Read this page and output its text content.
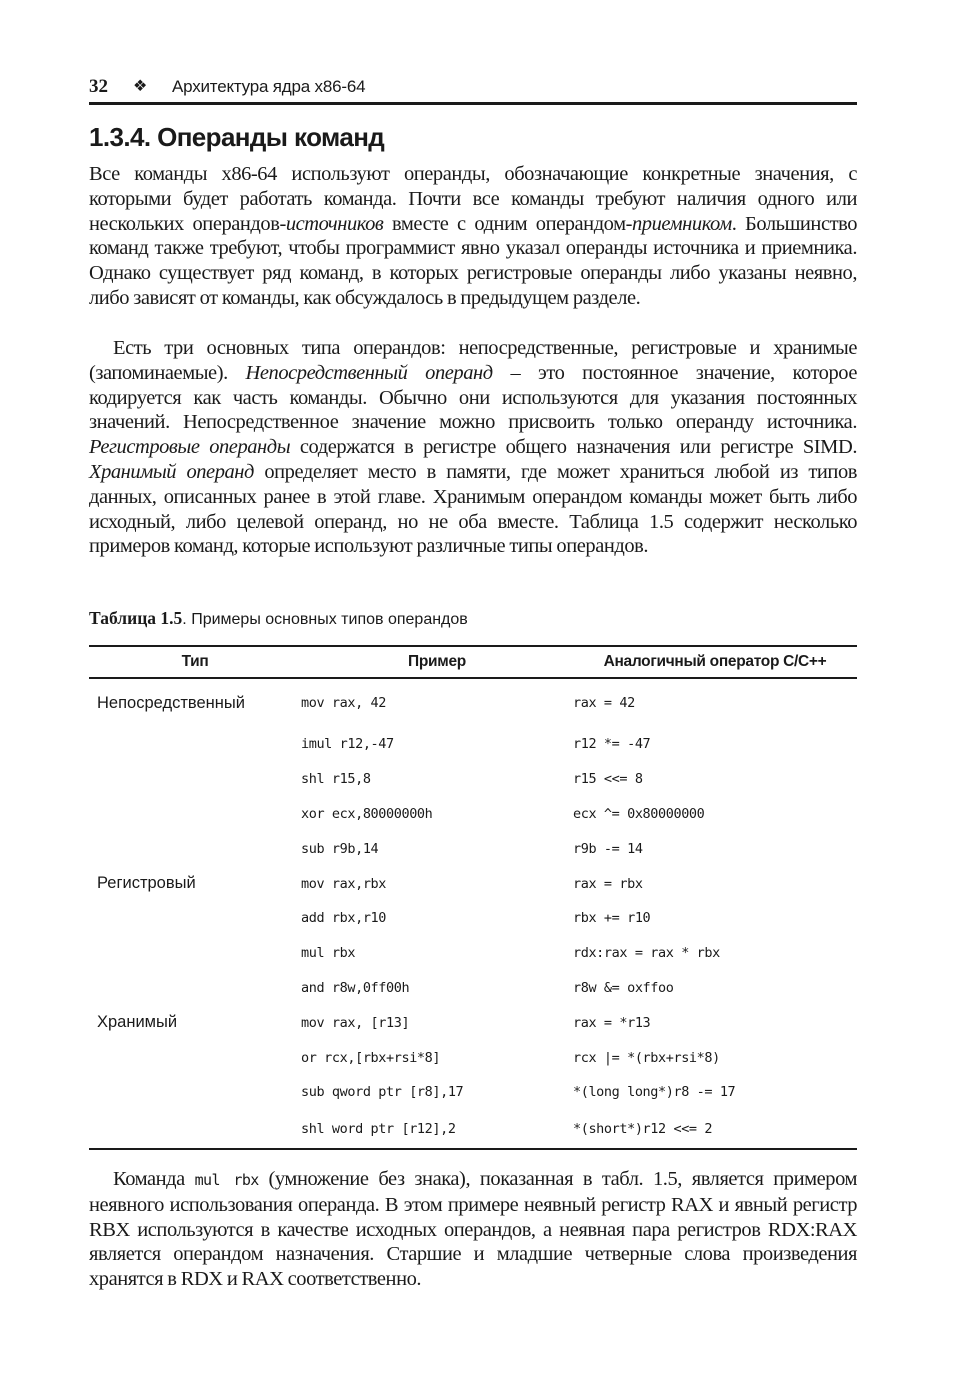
32 ❖ Архитектура ядра x86-64
1.3.4. Операнды команд

Все команды x86-64 используют операнды, обозначающие конкретные значения, с которыми будет работать команда. Почти все команды требуют наличия одного или нескольких операндов-источников вместе с одним операндом-приемником. Большинство команд также требуют, чтобы программист явно указал операнды источника и приемника. Однако существует ряд команд, в которых регистровые операнды либо указаны неявно, либо зависят от команды, как обсуждалось в предыдущем разделе.

Есть три основных типа операндов: непосредственные, регистровые и хранимые (запоминаемые). Непосредственный операнд – это постоянное значение, которое кодируется как часть команды. Обычно они используются для указания постоянных значений. Непосредственное значение можно присвоить только операнду источника. Регистровые операнды содержатся в регистре общего назначения или регистре SIMD. Хранимый операнд определяет место в памяти, где может храниться любой из типов данных, описанных ранее в этой главе. Хранимым операндом команды может быть либо исходный, либо целевой операнд, но не оба вместе. Таблица 1.5 содержит несколько примеров команд, которые используют различные типы операндов.

Таблица 1.5. Примеры основных типов операндов
Тип	Пример	Аналогичный оператор C/C++
Непосредственный	mov rax, 42	rax = 42
	imul r12,-47	r12 *= -47
	shl r15,8	r15 <<= 8
	xor ecx,80000000h	ecx ^= 0x80000000
	sub r9b,14	r9b -= 14
Регистровый	mov rax,rbx	rax = rbx
	add rbx,r10	rbx += r10
	mul rbx	rdx:rax = rax * rbx
	and r8w,0ff00h	r8w &= oxffoo
Хранимый	mov rax, [r13]	rax = *r13
	or rcx,[rbx+rsi*8]	rcx |= *(rbx+rsi*8)
	sub qword ptr [r8],17	*(long long*)r8 -= 17
	shl word ptr [r12],2	*(short*)r12 <<= 2

Команда mul rbx (умножение без знака), показанная в табл. 1.5, является примером неявного использования операнда. В этом примере неявный регистр RAX и явный регистр RBX используются в качестве исходных операндов, а неявная пара регистров RDX:RAX является операндом назначения. Старшие и младшие четверные слова произведения хранятся в RDX и RAX соответственно.
